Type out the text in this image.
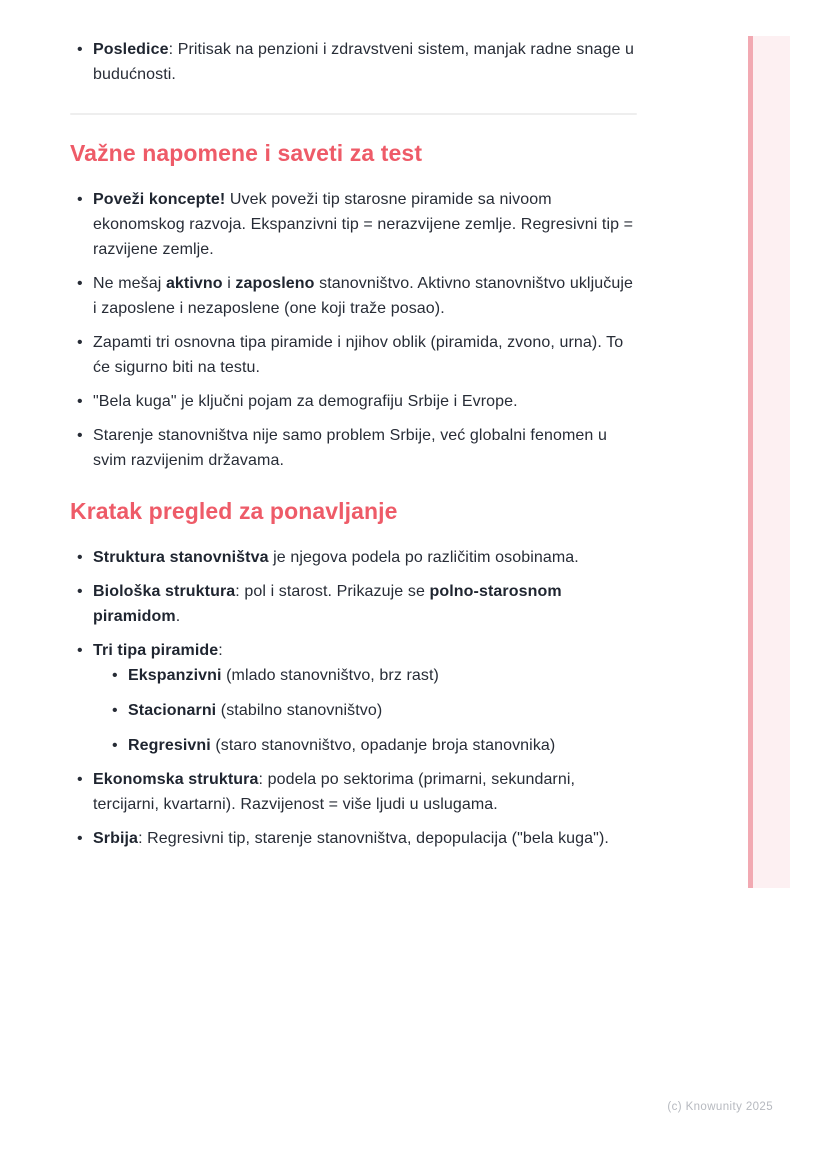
• Posledice: Pritisak na penzioni i zdravstveni sistem, manjak radne snage u budućnosti.
Važne napomene i saveti za test
• Poveži koncepte! Uvek poveži tip starosne piramide sa nivoom ekonomskog razvoja. Ekspanzivni tip = nerazvijene zemlje. Regresivni tip = razvijene zemlje.
• Ne mešaj aktivno i zaposleno stanovništvo. Aktivno stanovništvo uključuje i zaposlene i nezaposlene (one koji traže posao).
• Zapamti tri osnovna tipa piramide i njihov oblik (piramida, zvono, urna). To će sigurno biti na testu.
• "Bela kuga" je ključni pojam za demografiju Srbije i Evrope.
• Starenje stanovništva nije samo problem Srbije, već globalni fenomen u svim razvijenim državama.
Kratak pregled za ponavljanje
• Struktura stanovništva je njegova podela po različitim osobinama.
• Biološka struktura: pol i starost. Prikazuje se polno-starosnom piramidom.
• Tri tipa piramide:
• Ekspanzivni (mlado stanovništvo, brz rast)
• Stacionarni (stabilno stanovništvo)
• Regresivni (staro stanovništvo, opadanje broja stanovnika)
• Ekonomska struktura: podela po sektorima (primarni, sekundarni, tercijarni, kvartarni). Razvijenost = više ljudi u uslugama.
• Srbija: Regresivni tip, starenje stanovništva, depopulacija ("bela kuga").
(c) Knowunity 2025
